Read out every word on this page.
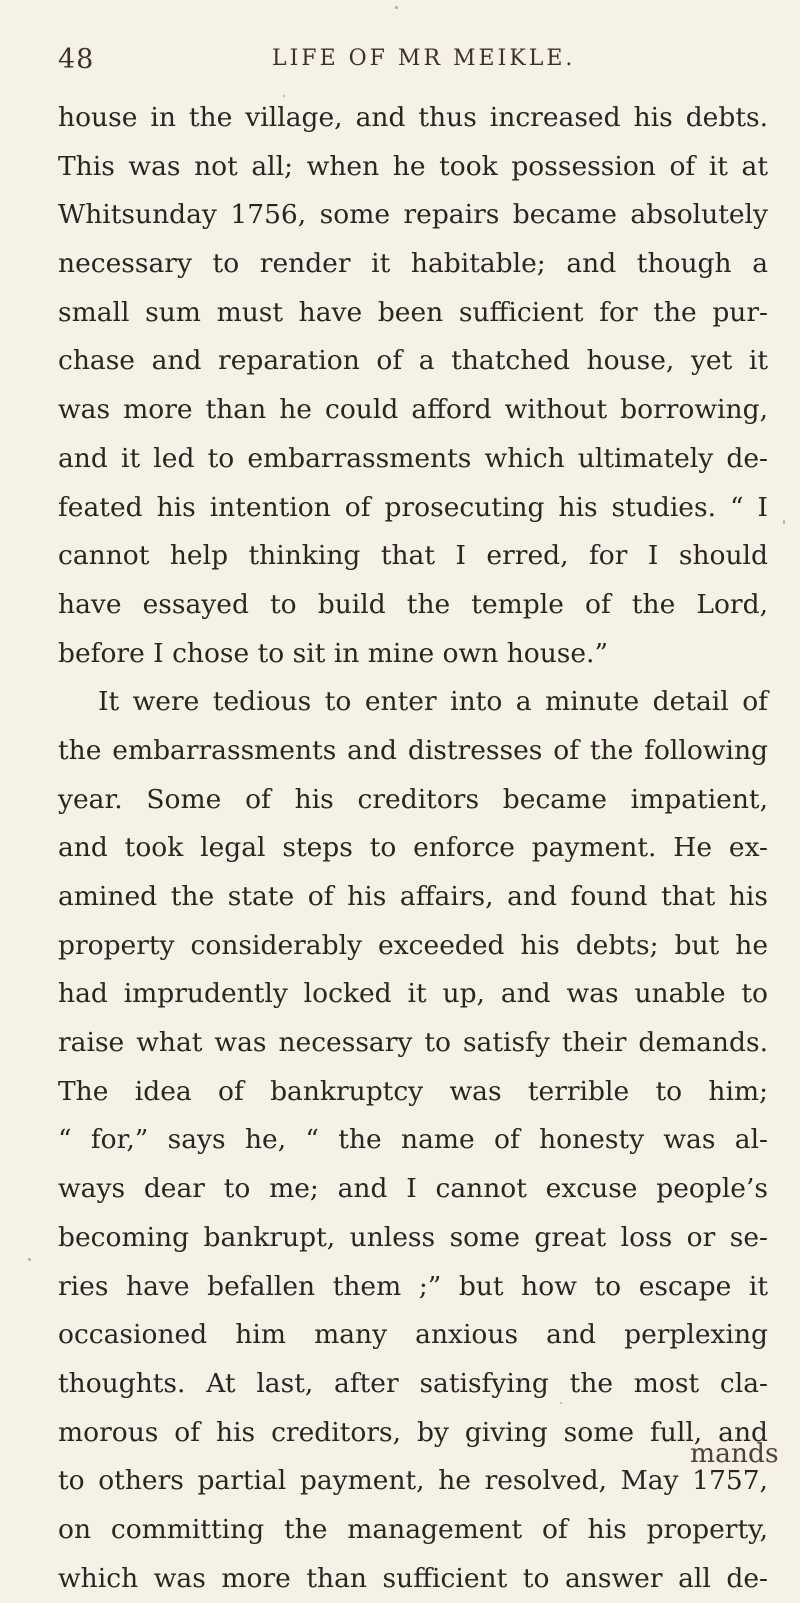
48	LIFE OF MR MEIKLE.
house in the village, and thus increased his debts.
This was not all; when he took possession of it at
Whitsunday 1756, some repairs became absolutely
necessary to render it habitable; and though a
small sum must have been sufficient for the pur-
chase and reparation of a thatched house, yet it
was more than he could afford without borrowing,
and it led to embarrassments which ultimately de-
feated his intention of prosecuting his studies. “ I
cannot help thinking that I erred, for I should
have essayed to build the temple of the Lord,
before I chose to sit in mine own house.”
It were tedious to enter into a minute detail of
the embarrassments and distresses of the following
year. Some of his creditors became impatient,
and took legal steps to enforce payment. He ex-
amined the state of his affairs, and found that his
property considerably exceeded his debts; but he
had imprudently locked it up, and was unable to
raise what was necessary to satisfy their demands.
The idea of bankruptcy was terrible to him;
“ for,” says he, “ the name of honesty was al-
ways dear to me; and I cannot excuse people’s
becoming bankrupt, unless some great loss or se-
ries have befallen them ;” but how to escape it
occasioned him many anxious and perplexing
thoughts. At last, after satisfying the most cla-
morous of his creditors, by giving some full, and
to others partial payment, he resolved, May 1757,
on committing the management of his property,
which was more than sufficient to answer all de-
mands
